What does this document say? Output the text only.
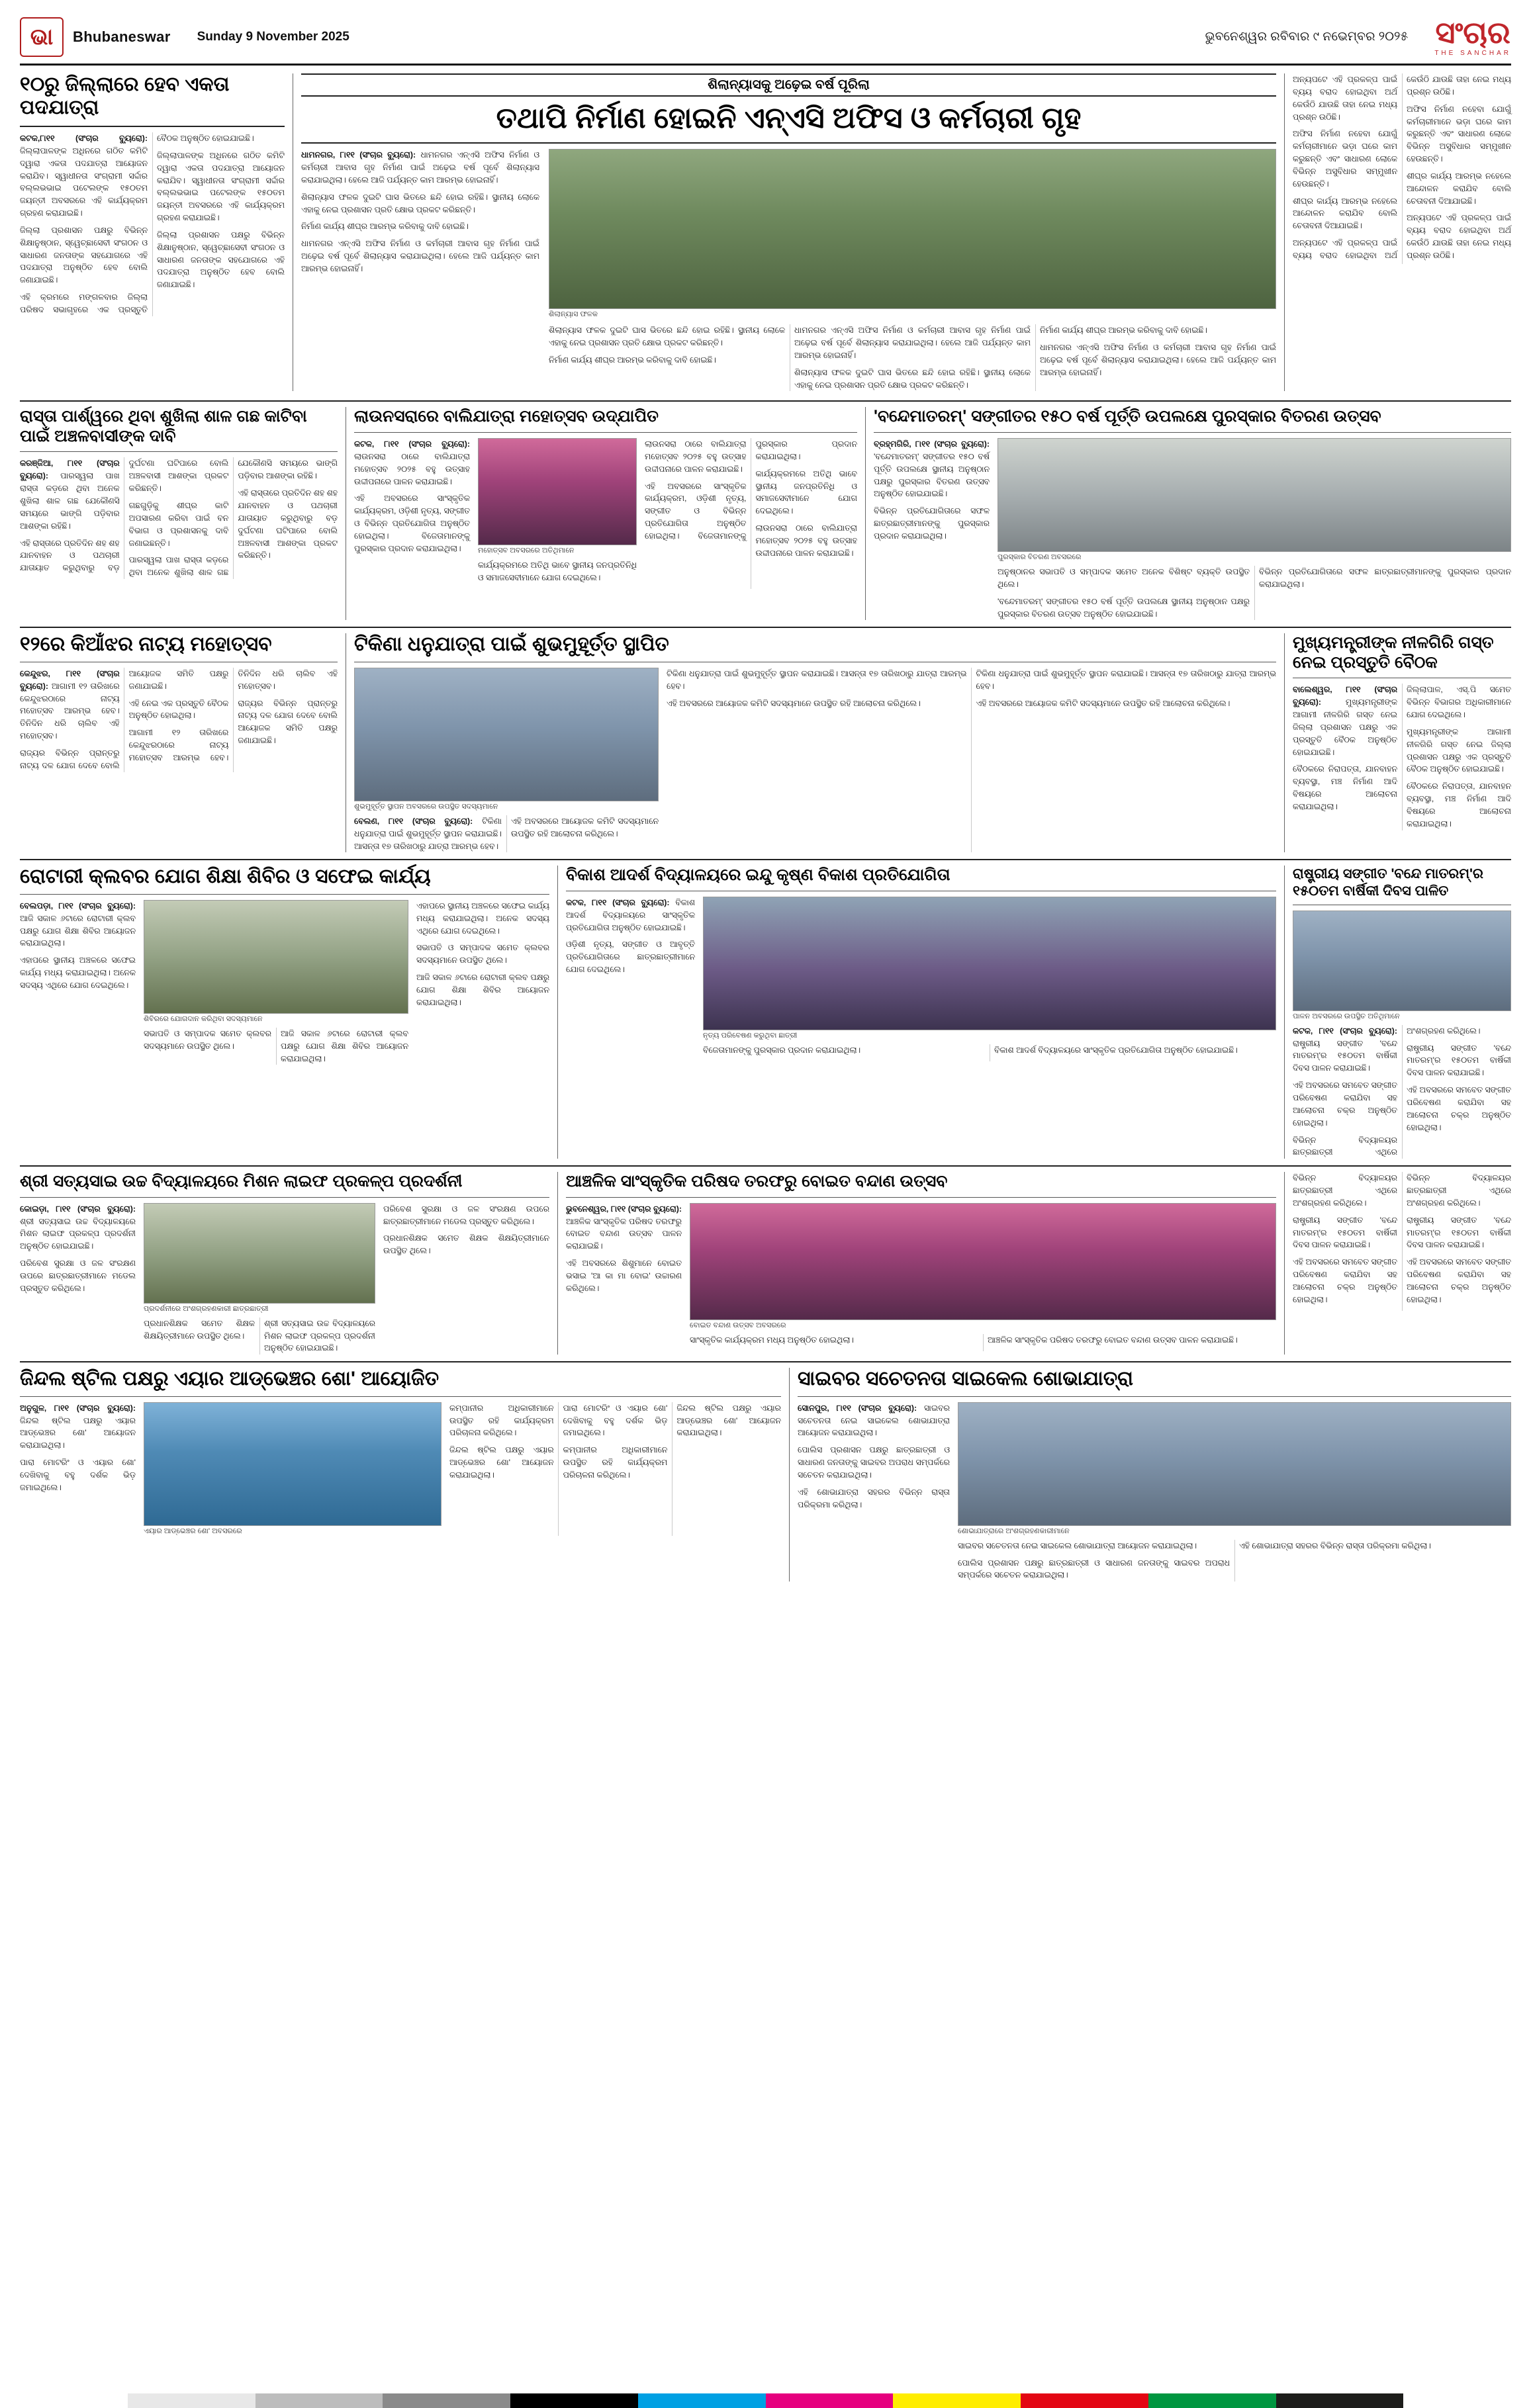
ଭା	Bhubaneswar Sunday 9 November 2025	ଭୁବନେଶ୍ୱର ରବିବାର ୯ ନଭେମ୍ବର ୨୦୨୫ ସଂଚାର
THE SANCHAR
୧୦ରୁ ଜିଲ୍ଲାରେ ହେବ ଏକତା ପଦଯାତ୍ରା

କଟକ,୮ା୧୧ (ସଂଚାର ବ୍ୟୁରୋ): ଜିଲ୍ଲାପାଳଙ୍କ ଅଧିନରେ ଗଠିତ କମିଟି ଦ୍ୱାରା ଏକତା ପଦଯାତ୍ରା ଆୟୋଜନ କରାଯିବ। ସ୍ୱାଧୀନତା ସଂଗ୍ରାମୀ ସର୍ଦ୍ଦାର ବଲ୍ଲଭଭାଇ ପଟେଲଙ୍କ ୧୫୦ତମ ଜୟନ୍ତୀ ଅବସରରେ ଏହି କାର୍ଯ୍ୟକ୍ରମ ଗ୍ରହଣ କରାଯାଇଛି।

ଜିଲ୍ଲା ପ୍ରଶାସନ ପକ୍ଷରୁ ବିଭିନ୍ନ ଶିକ୍ଷାନୁଷ୍ଠାନ, ସ୍ୱେଚ୍ଛାସେବୀ ସଂଗଠନ ଓ ସାଧାରଣ ଜନତାଙ୍କ ସହଯୋଗରେ ଏହି ପଦଯାତ୍ରା ଅନୁଷ୍ଠିତ ହେବ ବୋଲି ଜଣାଯାଇଛି।

ଏହି କ୍ରମରେ ମଙ୍ଗଳବାର ଜିଲ୍ଲା ପରିଷଦ ସଭାଗୃହରେ ଏକ ପ୍ରସ୍ତୁତି ବୈଠକ ଅନୁଷ୍ଠିତ ହୋଇଯାଇଛି।

ଜିଲ୍ଲାପାଳଙ୍କ ଅଧିନରେ ଗଠିତ କମିଟି ଦ୍ୱାରା ଏକତା ପଦଯାତ୍ରା ଆୟୋଜନ କରାଯିବ। ସ୍ୱାଧୀନତା ସଂଗ୍ରାମୀ ସର୍ଦ୍ଦାର ବଲ୍ଲଭଭାଇ ପଟେଲଙ୍କ ୧୫୦ତମ ଜୟନ୍ତୀ ଅବସରରେ ଏହି କାର୍ଯ୍ୟକ୍ରମ ଗ୍ରହଣ କରାଯାଇଛି।

ଜିଲ୍ଲା ପ୍ରଶାସନ ପକ୍ଷରୁ ବିଭିନ୍ନ ଶିକ୍ଷାନୁଷ୍ଠାନ, ସ୍ୱେଚ୍ଛାସେବୀ ସଂଗଠନ ଓ ସାଧାରଣ ଜନତାଙ୍କ ସହଯୋଗରେ ଏହି ପଦଯାତ୍ରା ଅନୁଷ୍ଠିତ ହେବ ବୋଲି ଜଣାଯାଇଛି।

ଶିଲାନ୍ୟାସକୁ ଅଢ଼େଇ ବର୍ଷ ପୂରିଲା
ତଥାପି ନିର୍ମାଣ ହୋଇନି ଏନ୍‌ଏସି ଅଫିସ ଓ କର୍ମଚାରୀ ଗୃହ

ଧାମନଗର, ୮ା୧୧ (ସଂଚାର ବ୍ୟୁରୋ): ଧାମନଗର ଏନ୍‌ଏସି ଅଫିସ ନିର୍ମାଣ ଓ କର୍ମଚାରୀ ଆବାସ ଗୃହ ନିର୍ମାଣ ପାଇଁ ଅଢ଼େଇ ବର୍ଷ ପୂର୍ବେ ଶିଲାନ୍ୟାସ କରାଯାଇଥିଲା। ହେଲେ ଆଜି ପର୍ଯ୍ୟନ୍ତ କାମ ଆରମ୍ଭ ହୋଇନାହିଁ।

ଶିଲାନ୍ୟାସ ଫଳକ ଦୁଇଟି ଘାସ ଭିତରେ ଛନ୍ଦି ହୋଇ ରହିଛି। ସ୍ଥାନୀୟ ଲୋକେ ଏହାକୁ ନେଇ ପ୍ରଶାସନ ପ୍ରତି କ୍ଷୋଭ ପ୍ରକଟ କରିଛନ୍ତି।

ନିର୍ମାଣ କାର୍ଯ୍ୟ ଶୀଘ୍ର ଆରମ୍ଭ କରିବାକୁ ଦାବି ହୋଇଛି।

ଧାମନଗର ଏନ୍‌ଏସି ଅଫିସ ନିର୍ମାଣ ଓ କର୍ମଚାରୀ ଆବାସ ଗୃହ ନିର୍ମାଣ ପାଇଁ ଅଢ଼େଇ ବର୍ଷ ପୂର୍ବେ ଶିଲାନ୍ୟାସ କରାଯାଇଥିଲା। ହେଲେ ଆଜି ପର୍ଯ୍ୟନ୍ତ କାମ ଆରମ୍ଭ ହୋଇନାହିଁ।

ଶିଲାନ୍ୟାସ ଫଳକ

ଶିଲାନ୍ୟାସ ଫଳକ ଦୁଇଟି ଘାସ ଭିତରେ ଛନ୍ଦି ହୋଇ ରହିଛି। ସ୍ଥାନୀୟ ଲୋକେ ଏହାକୁ ନେଇ ପ୍ରଶାସନ ପ୍ରତି କ୍ଷୋଭ ପ୍ରକଟ କରିଛନ୍ତି।

ନିର୍ମାଣ କାର୍ଯ୍ୟ ଶୀଘ୍ର ଆରମ୍ଭ କରିବାକୁ ଦାବି ହୋଇଛି।

ଧାମନଗର ଏନ୍‌ଏସି ଅଫିସ ନିର୍ମାଣ ଓ କର୍ମଚାରୀ ଆବାସ ଗୃହ ନିର୍ମାଣ ପାଇଁ ଅଢ଼େଇ ବର୍ଷ ପୂର୍ବେ ଶିଲାନ୍ୟାସ କରାଯାଇଥିଲା। ହେଲେ ଆଜି ପର୍ଯ୍ୟନ୍ତ କାମ ଆରମ୍ଭ ହୋଇନାହିଁ।

ଶିଲାନ୍ୟାସ ଫଳକ ଦୁଇଟି ଘାସ ଭିତରେ ଛନ୍ଦି ହୋଇ ରହିଛି। ସ୍ଥାନୀୟ ଲୋକେ ଏହାକୁ ନେଇ ପ୍ରଶାସନ ପ୍ରତି କ୍ଷୋଭ ପ୍ରକଟ କରିଛନ୍ତି।

ନିର୍ମାଣ କାର୍ଯ୍ୟ ଶୀଘ୍ର ଆରମ୍ଭ କରିବାକୁ ଦାବି ହୋଇଛି।

ଧାମନଗର ଏନ୍‌ଏସି ଅଫିସ ନିର୍ମାଣ ଓ କର୍ମଚାରୀ ଆବାସ ଗୃହ ନିର୍ମାଣ ପାଇଁ ଅଢ଼େଇ ବର୍ଷ ପୂର୍ବେ ଶିଲାନ୍ୟାସ କରାଯାଇଥିଲା। ହେଲେ ଆଜି ପର୍ଯ୍ୟନ୍ତ କାମ ଆରମ୍ଭ ହୋଇନାହିଁ।

ଅନ୍ୟପଟେ ଏହି ପ୍ରକଳ୍ପ ପାଇଁ ବ୍ୟୟ ବରାଦ ହୋଇଥିବା ଅର୍ଥ କେଉଁଠି ଯାଉଛି ତାହା ନେଇ ମଧ୍ୟ ପ୍ରଶ୍ନ ଉଠିଛି।

ଅଫିସ ନିର୍ମାଣ ନହେବା ଯୋଗୁଁ କର୍ମଚାରୀମାନେ ଭଡ଼ା ଘରେ କାମ କରୁଛନ୍ତି ଏବଂ ସାଧାରଣ ଲୋକେ ବିଭିନ୍ନ ଅସୁବିଧାର ସମ୍ମୁଖୀନ ହେଉଛନ୍ତି।

ଶୀଘ୍ର କାର୍ଯ୍ୟ ଆରମ୍ଭ ନହେଲେ ଆନ୍ଦୋଳନ କରାଯିବ ବୋଲି ଚେତାବନୀ ଦିଆଯାଇଛି।

ଅନ୍ୟପଟେ ଏହି ପ୍ରକଳ୍ପ ପାଇଁ ବ୍ୟୟ ବରାଦ ହୋଇଥିବା ଅର୍ଥ କେଉଁଠି ଯାଉଛି ତାହା ନେଇ ମଧ୍ୟ ପ୍ରଶ୍ନ ଉଠିଛି।

ଅଫିସ ନିର୍ମାଣ ନହେବା ଯୋଗୁଁ କର୍ମଚାରୀମାନେ ଭଡ଼ା ଘରେ କାମ କରୁଛନ୍ତି ଏବଂ ସାଧାରଣ ଲୋକେ ବିଭିନ୍ନ ଅସୁବିଧାର ସମ୍ମୁଖୀନ ହେଉଛନ୍ତି।

ଶୀଘ୍ର କାର୍ଯ୍ୟ ଆରମ୍ଭ ନହେଲେ ଆନ୍ଦୋଳନ କରାଯିବ ବୋଲି ଚେତାବନୀ ଦିଆଯାଇଛି।

ଅନ୍ୟପଟେ ଏହି ପ୍ରକଳ୍ପ ପାଇଁ ବ୍ୟୟ ବରାଦ ହୋଇଥିବା ଅର୍ଥ କେଉଁଠି ଯାଉଛି ତାହା ନେଇ ମଧ୍ୟ ପ୍ରଶ୍ନ ଉଠିଛି।

ରାସ୍ତା ପାର୍ଶ୍ୱରେ ଥିବା ଶୁଖିଲା ଶାଳ ଗଛ କାଟିବା ପାଇଁ ଅଞ୍ଚଳବାସୀଙ୍କ ଦାବି

କରଞ୍ଜିଆ, ୮ା୧୧ (ସଂଚାର ବ୍ୟୁରୋ): ପାରସ୍ୱଲା ପାଖ ରାସ୍ତା କଡ଼ରେ ଥିବା ଅନେକ ଶୁଖିଲା ଶାଳ ଗଛ ଯେକୌଣସି ସମୟରେ ଭାଙ୍ଗି ପଡ଼ିବାର ଆଶଙ୍କା ରହିଛି।

ଏହି ରାସ୍ତାରେ ପ୍ରତିଦିନ ଶହ ଶହ ଯାନବାହନ ଓ ପଥଚାରୀ ଯାତାୟାତ କରୁଥିବାରୁ ବଡ଼ ଦୁର୍ଘଟଣା ଘଟିପାରେ ବୋଲି ଅଞ୍ଚଳବାସୀ ଆଶଙ୍କା ପ୍ରକଟ କରିଛନ୍ତି।

ଗଛଗୁଡ଼ିକୁ ଶୀଘ୍ର କାଟି ଅପସାରଣ କରିବା ପାଇଁ ବନ ବିଭାଗ ଓ ପ୍ରଶାସନକୁ ଦାବି ଜଣାଇଛନ୍ତି।

ପାରସ୍ୱଲା ପାଖ ରାସ୍ତା କଡ଼ରେ ଥିବା ଅନେକ ଶୁଖିଲା ଶାଳ ଗଛ ଯେକୌଣସି ସମୟରେ ଭାଙ୍ଗି ପଡ଼ିବାର ଆଶଙ୍କା ରହିଛି।

ଏହି ରାସ୍ତାରେ ପ୍ରତିଦିନ ଶହ ଶହ ଯାନବାହନ ଓ ପଥଚାରୀ ଯାତାୟାତ କରୁଥିବାରୁ ବଡ଼ ଦୁର୍ଘଟଣା ଘଟିପାରେ ବୋଲି ଅଞ୍ଚଳବାସୀ ଆଶଙ୍କା ପ୍ରକଟ କରିଛନ୍ତି।

ଲାଉନସରାରେ ବାଲିଯାତ୍ରା ମହୋତ୍ସବ ଉଦ୍‌ଯାପିତ

କଟକ, ୮ା୧୧ (ସଂଚାର ବ୍ୟୁରୋ): ଲାଉନସରା ଠାରେ ବାଲିଯାତ୍ରା ମହୋତ୍ସବ ୨୦୨୫ ବହୁ ଉତ୍ସାହ ଉଦ୍ଦୀପନାରେ ପାଳନ କରାଯାଇଛି।

ଏହି ଅବସରରେ ସାଂସ୍କୃତିକ କାର୍ଯ୍ୟକ୍ରମ, ଓଡ଼ିଶୀ ନୃତ୍ୟ, ସଙ୍ଗୀତ ଓ ବିଭିନ୍ନ ପ୍ରତିଯୋଗିତା ଅନୁଷ୍ଠିତ ହୋଇଥିଲା। ବିଜେତାମାନଙ୍କୁ ପୁରସ୍କାର ପ୍ରଦାନ କରାଯାଇଥିଲା।	ମହୋତ୍ସବ ଅବସରରେ ଅତିଥିମାନେ

କାର୍ଯ୍ୟକ୍ରମରେ ଅତିଥି ଭାବେ ସ୍ଥାନୀୟ ଜନପ୍ରତିନିଧି ଓ ସମାଜସେବୀମାନେ ଯୋଗ ଦେଇଥିଲେ।

ଲାଉନସରା ଠାରେ ବାଲିଯାତ୍ରା ମହୋତ୍ସବ ୨୦୨୫ ବହୁ ଉତ୍ସାହ ଉଦ୍ଦୀପନାରେ ପାଳନ କରାଯାଇଛି।

ଏହି ଅବସରରେ ସାଂସ୍କୃତିକ କାର୍ଯ୍ୟକ୍ରମ, ଓଡ଼ିଶୀ ନୃତ୍ୟ, ସଙ୍ଗୀତ ଓ ବିଭିନ୍ନ ପ୍ରତିଯୋଗିତା ଅନୁଷ୍ଠିତ ହୋଇଥିଲା। ବିଜେତାମାନଙ୍କୁ ପୁରସ୍କାର ପ୍ରଦାନ କରାଯାଇଥିଲା।

କାର୍ଯ୍ୟକ୍ରମରେ ଅତିଥି ଭାବେ ସ୍ଥାନୀୟ ଜନପ୍ରତିନିଧି ଓ ସମାଜସେବୀମାନେ ଯୋଗ ଦେଇଥିଲେ।

ଲାଉନସରା ଠାରେ ବାଲିଯାତ୍ରା ମହୋତ୍ସବ ୨୦୨୫ ବହୁ ଉତ୍ସାହ ଉଦ୍ଦୀପନାରେ ପାଳନ କରାଯାଇଛି।

'ବନ୍ଦେମାତରମ୍' ସଙ୍ଗୀତର ୧୫୦ ବର୍ଷ ପୂର୍ତ୍ତି ଉପଲକ୍ଷେ ପୁରସ୍କାର ବିତରଣ ଉତ୍ସବ

ବ୍ରହ୍ମଗିରି, ୮ା୧୧ (ସଂଚାର ବ୍ୟୁରୋ): 'ବନ୍ଦେମାତରମ୍' ସଙ୍ଗୀତର ୧୫୦ ବର୍ଷ ପୂର୍ତ୍ତି ଉପଲକ୍ଷେ ସ୍ଥାନୀୟ ଅନୁଷ୍ଠାନ ପକ୍ଷରୁ ପୁରସ୍କାର ବିତରଣ ଉତ୍ସବ ଅନୁଷ୍ଠିତ ହୋଇଯାଇଛି।

ବିଭିନ୍ନ ପ୍ରତିଯୋଗିତାରେ ସଫଳ ଛାତ୍ରଛାତ୍ରୀମାନଙ୍କୁ ପୁରସ୍କାର ପ୍ରଦାନ କରାଯାଇଥିଲା।

ପୁରସ୍କାର ବିତରଣ ଅବସରରେ

ଅନୁଷ୍ଠାନର ସଭାପତି ଓ ସମ୍ପାଦକ ସମେତ ଅନେକ ବିଶିଷ୍ଟ ବ୍ୟକ୍ତି ଉପସ୍ଥିତ ଥିଲେ।

'ବନ୍ଦେମାତରମ୍' ସଙ୍ଗୀତର ୧୫୦ ବର୍ଷ ପୂର୍ତ୍ତି ଉପଲକ୍ଷେ ସ୍ଥାନୀୟ ଅନୁଷ୍ଠାନ ପକ୍ଷରୁ ପୁରସ୍କାର ବିତରଣ ଉତ୍ସବ ଅନୁଷ୍ଠିତ ହୋଇଯାଇଛି।

ବିଭିନ୍ନ ପ୍ରତିଯୋଗିତାରେ ସଫଳ ଛାତ୍ରଛାତ୍ରୀମାନଙ୍କୁ ପୁରସ୍କାର ପ୍ରଦାନ କରାଯାଇଥିଲା।

୧୨ରେ କିଆଁଝର ନାଟ୍ୟ ମହୋତ୍ସବ

କେନ୍ଦୁଝର, ୮ା୧୧ (ସଂଚାର ବ୍ୟୁରୋ): ଆଗାମୀ ୧୨ ତାରିଖରେ କେନ୍ଦୁଝରଠାରେ ନାଟ୍ୟ ମହୋତ୍ସବ ଆରମ୍ଭ ହେବ। ତିନିଦିନ ଧରି ଚାଲିବ ଏହି ମହୋତ୍ସବ।

ରାଜ୍ୟର ବିଭିନ୍ନ ପ୍ରାନ୍ତରୁ ନାଟ୍ୟ ଦଳ ଯୋଗ ଦେବେ ବୋଲି ଆୟୋଜକ ସମିତି ପକ୍ଷରୁ ଜଣାଯାଇଛି।

ଏହି ନେଇ ଏକ ପ୍ରସ୍ତୁତି ବୈଠକ ଅନୁଷ୍ଠିତ ହୋଇଥିଲା।

ଆଗାମୀ ୧୨ ତାରିଖରେ କେନ୍ଦୁଝରଠାରେ ନାଟ୍ୟ ମହୋତ୍ସବ ଆରମ୍ଭ ହେବ। ତିନିଦିନ ଧରି ଚାଲିବ ଏହି ମହୋତ୍ସବ।

ରାଜ୍ୟର ବିଭିନ୍ନ ପ୍ରାନ୍ତରୁ ନାଟ୍ୟ ଦଳ ଯୋଗ ଦେବେ ବୋଲି ଆୟୋଜକ ସମିତି ପକ୍ଷରୁ ଜଣାଯାଇଛି।

ଟିକିଣା ଧନୁଯାତ୍ରା ପାଇଁ ଶୁଭମୁହୂର୍ତ୍ତ ସ୍ଥାପିତ
ଶୁଭମୁହୂର୍ତ୍ତ ସ୍ଥାପନ ଅବସରରେ ଉପସ୍ଥିତ ସଦସ୍ୟମାନେ

ବେଲଣ, ୮ା୧୧ (ସଂଚାର ବ୍ୟୁରୋ): ଟିକିଣା ଧନୁଯାତ୍ରା ପାଇଁ ଶୁଭମୁହୂର୍ତ୍ତ ସ୍ଥାପନ କରାଯାଇଛି। ଆସନ୍ତା ୧୭ ତାରିଖଠାରୁ ଯାତ୍ରା ଆରମ୍ଭ ହେବ।

ଏହି ଅବସରରେ ଆୟୋଜକ କମିଟି ସଦସ୍ୟମାନେ ଉପସ୍ଥିତ ରହି ଆଲୋଚନା କରିଥିଲେ।

ଟିକିଣା ଧନୁଯାତ୍ରା ପାଇଁ ଶୁଭମୁହୂର୍ତ୍ତ ସ୍ଥାପନ କରାଯାଇଛି। ଆସନ୍ତା ୧୭ ତାରିଖଠାରୁ ଯାତ୍ରା ଆରମ୍ଭ ହେବ।

ଏହି ଅବସରରେ ଆୟୋଜକ କମିଟି ସଦସ୍ୟମାନେ ଉପସ୍ଥିତ ରହି ଆଲୋଚନା କରିଥିଲେ।

ଟିକିଣା ଧନୁଯାତ୍ରା ପାଇଁ ଶୁଭମୁହୂର୍ତ୍ତ ସ୍ଥାପନ କରାଯାଇଛି। ଆସନ୍ତା ୧୭ ତାରିଖଠାରୁ ଯାତ୍ରା ଆରମ୍ଭ ହେବ।

ଏହି ଅବସରରେ ଆୟୋଜକ କମିଟି ସଦସ୍ୟମାନେ ଉପସ୍ଥିତ ରହି ଆଲୋଚନା କରିଥିଲେ।

ମୁଖ୍ୟମନ୍ତ୍ରୀଙ୍କ ନୀଳଗିରି ଗସ୍ତ ନେଇ ପ୍ରସ୍ତୁତି ବୈଠକ

ବାଲେଶ୍ୱର, ୮ା୧୧ (ସଂଚାର ବ୍ୟୁରୋ):	ମୁଖ୍ୟମନ୍ତ୍ରୀଙ୍କ ଆଗାମୀ ନୀଳଗିରି ଗସ୍ତ ନେଇ ଜିଲ୍ଲା ପ୍ରଶାସନ ପକ୍ଷରୁ ଏକ ପ୍ରସ୍ତୁତି ବୈଠକ ଅନୁଷ୍ଠିତ ହୋଇଯାଇଛି।

ବୈଠକରେ ନିରାପତ୍ତା, ଯାନବାହନ ବ୍ୟବସ୍ଥା, ମଞ୍ଚ ନିର୍ମାଣ ଆଦି ବିଷୟରେ ଆଲୋଚନା କରାଯାଇଥିଲା।

ଜିଲ୍ଲାପାଳ, ଏସ୍‌.ପି ସମେତ ବିଭିନ୍ନ ବିଭାଗର ଅଧିକାରୀମାନେ ଯୋଗ ଦେଇଥିଲେ।

ମୁଖ୍ୟମନ୍ତ୍ରୀଙ୍କ ଆଗାମୀ ନୀଳଗିରି ଗସ୍ତ ନେଇ ଜିଲ୍ଲା ପ୍ରଶାସନ ପକ୍ଷରୁ ଏକ ପ୍ରସ୍ତୁତି ବୈଠକ ଅନୁଷ୍ଠିତ ହୋଇଯାଇଛି।

ବୈଠକରେ ନିରାପତ୍ତା, ଯାନବାହନ ବ୍ୟବସ୍ଥା, ମଞ୍ଚ ନିର୍ମାଣ ଆଦି ବିଷୟରେ ଆଲୋଚନା କରାଯାଇଥିଲା।

ରୋଟାରୀ କ୍ଲବର ଯୋଗ ଶିକ୍ଷା ଶିବିର ଓ ସଫେଇ କାର୍ଯ୍ୟ

ବେଲପଡ଼ା, ୮ା୧୧ (ସଂଚାର ବ୍ୟୁରୋ): ଆଜି ସକାଳ ୬ଟାରେ ରୋଟାରୀ କ୍ଲବ ପକ୍ଷରୁ ଯୋଗ ଶିକ୍ଷା ଶିବିର ଆୟୋଜନ କରାଯାଇଥିଲା।

ଏହାପରେ ସ୍ଥାନୀୟ ଅଞ୍ଚଳରେ ସଫେଇ କାର୍ଯ୍ୟ ମଧ୍ୟ କରାଯାଇଥିଲା। ଅନେକ ସଦସ୍ୟ ଏଥିରେ ଯୋଗ ଦେଇଥିଲେ।

ଶିବିରରେ ଯୋଗଦାନ କରିଥିବା ସଦସ୍ୟମାନେ

ସଭାପତି ଓ ସମ୍ପାଦକ ସମେତ କ୍ଲବର ସଦସ୍ୟମାନେ ଉପସ୍ଥିତ ଥିଲେ।

ଆଜି ସକାଳ ୬ଟାରେ ରୋଟାରୀ କ୍ଲବ ପକ୍ଷରୁ ଯୋଗ ଶିକ୍ଷା ଶିବିର ଆୟୋଜନ କରାଯାଇଥିଲା।

ଏହାପରେ ସ୍ଥାନୀୟ ଅଞ୍ଚଳରେ ସଫେଇ କାର୍ଯ୍ୟ ମଧ୍ୟ କରାଯାଇଥିଲା। ଅନେକ ସଦସ୍ୟ ଏଥିରେ ଯୋଗ ଦେଇଥିଲେ।

ସଭାପତି ଓ ସମ୍ପାଦକ ସମେତ କ୍ଲବର ସଦସ୍ୟମାନେ ଉପସ୍ଥିତ ଥିଲେ।

ଆଜି ସକାଳ ୬ଟାରେ ରୋଟାରୀ କ୍ଲବ ପକ୍ଷରୁ ଯୋଗ ଶିକ୍ଷା ଶିବିର ଆୟୋଜନ କରାଯାଇଥିଲା।

ବିକାଶ ଆଦର୍ଶ ବିଦ୍ୟାଳୟରେ ଇନ୍ଦୁ କୃଷ୍ଣ ବିକାଶ ପ୍ରତିଯୋଗିତା

କଟକ, ୮ା୧୧ (ସଂଚାର ବ୍ୟୁରୋ): ବିକାଶ ଆଦର୍ଶ ବିଦ୍ୟାଳୟରେ ସାଂସ୍କୃତିକ ପ୍ରତିଯୋଗିତା ଅନୁଷ୍ଠିତ ହୋଇଯାଇଛି।

ଓଡ଼ିଶୀ ନୃତ୍ୟ, ସଙ୍ଗୀତ ଓ ଆବୃତ୍ତି ପ୍ରତିଯୋଗିତାରେ ଛାତ୍ରଛାତ୍ରୀମାନେ ଯୋଗ ଦେଇଥିଲେ।

ନୃତ୍ୟ ପରିବେଷଣ କରୁଥିବା ଛାତ୍ରୀ

ବିଜେତାମାନଙ୍କୁ ପୁରସ୍କାର ପ୍ରଦାନ କରାଯାଇଥିଲା।	ବିକାଶ ଆଦର୍ଶ ବିଦ୍ୟାଳୟରେ ସାଂସ୍କୃତିକ ପ୍ରତିଯୋଗିତା ଅନୁଷ୍ଠିତ ହୋଇଯାଇଛି।

ରାଷ୍ଟ୍ରୀୟ ସଙ୍ଗୀତ 'ବନ୍ଦେ ମାତରମ୍'ର ୧୫୦ତମ ବାର୍ଷିକୀ ଦିବସ ପାଳିତ
ପାଳନ ଅବସରରେ ଉପସ୍ଥିତ ଅତିଥିମାନେ

କଟକ, ୮ା୧୧ (ସଂଚାର ବ୍ୟୁରୋ): ରାଷ୍ଟ୍ରୀୟ ସଙ୍ଗୀତ 'ବନ୍ଦେ ମାତରମ୍'ର ୧୫୦ତମ ବାର୍ଷିକୀ ଦିବସ ପାଳନ କରାଯାଇଛି।

ଏହି ଅବସରରେ ସମବେତ ସଙ୍ଗୀତ ପରିବେଷଣ କରାଯିବା ସହ ଆଲୋଚନା ଚକ୍ର ଅନୁଷ୍ଠିତ ହୋଇଥିଲା।

ବିଭିନ୍ନ ବିଦ୍ୟାଳୟର ଛାତ୍ରଛାତ୍ରୀ ଏଥିରେ ଅଂଶଗ୍ରହଣ କରିଥିଲେ।

ରାଷ୍ଟ୍ରୀୟ ସଙ୍ଗୀତ 'ବନ୍ଦେ ମାତରମ୍'ର ୧୫୦ତମ ବାର୍ଷିକୀ ଦିବସ ପାଳନ କରାଯାଇଛି।

ଏହି ଅବସରରେ ସମବେତ ସଙ୍ଗୀତ ପରିବେଷଣ କରାଯିବା ସହ ଆଲୋଚନା ଚକ୍ର ଅନୁଷ୍ଠିତ ହୋଇଥିଲା।

ଶ୍ରୀ ସତ୍ୟସାଇ ଉଚ୍ଚ ବିଦ୍ୟାଳୟରେ ମିଶନ ଲାଇଫ ପ୍ରକଳ୍ପ ପ୍ରଦର୍ଶନୀ

କୋଇଡ଼ା, ୮ା୧୧ (ସଂଚାର ବ୍ୟୁରୋ): ଶ୍ରୀ ସତ୍ୟସାଇ ଉଚ୍ଚ ବିଦ୍ୟାଳୟରେ ମିଶନ ଲାଇଫ ପ୍ରକଳ୍ପ ପ୍ରଦର୍ଶନୀ ଅନୁଷ୍ଠିତ ହୋଇଯାଇଛି।

ପରିବେଶ ସୁରକ୍ଷା ଓ ଜଳ ସଂରକ୍ଷଣ ଉପରେ ଛାତ୍ରଛାତ୍ରୀମାନେ ମଡେଲ ପ୍ରସ୍ତୁତ କରିଥିଲେ।

ପ୍ରଦର୍ଶନୀରେ ଅଂଶଗ୍ରହଣକାରୀ ଛାତ୍ରଛାତ୍ରୀ

ପ୍ରଧାନଶିକ୍ଷକ ସମେତ ଶିକ୍ଷକ ଶିକ୍ଷୟିତ୍ରୀମାନେ ଉପସ୍ଥିତ ଥିଲେ।

ଶ୍ରୀ ସତ୍ୟସାଇ ଉଚ୍ଚ ବିଦ୍ୟାଳୟରେ ମିଶନ ଲାଇଫ ପ୍ରକଳ୍ପ ପ୍ରଦର୍ଶନୀ ଅନୁଷ୍ଠିତ ହୋଇଯାଇଛି।

ପରିବେଶ ସୁରକ୍ଷା ଓ ଜଳ ସଂରକ୍ଷଣ ଉପରେ ଛାତ୍ରଛାତ୍ରୀମାନେ ମଡେଲ ପ୍ରସ୍ତୁତ କରିଥିଲେ।

ପ୍ରଧାନଶିକ୍ଷକ ସମେତ ଶିକ୍ଷକ ଶିକ୍ଷୟିତ୍ରୀମାନେ ଉପସ୍ଥିତ ଥିଲେ।

ଆଞ୍ଚଳିକ ସାଂସ୍କୃତିକ ପରିଷଦ ତରଫରୁ ବୋଇତ ବନ୍ଦାଣ ଉତ୍ସବ

ଭୁବନେଶ୍ୱର, ୮ା୧୧ (ସଂଚାର ବ୍ୟୁରୋ): ଆଞ୍ଚଳିକ ସାଂସ୍କୃତିକ ପରିଷଦ ତରଫରୁ ବୋଇତ ବନ୍ଦାଣ ଉତ୍ସବ ପାଳନ କରାଯାଇଛି।

ଏହି ଅବସରରେ ଶିଶୁମାନେ ବୋଇତ ଭସାଇ 'ଆ କା ମା ବୋଇ' ଉଚ୍ଚାରଣ କରିଥିଲେ।

ବୋଇତ ବନ୍ଦାଣ ଉତ୍ସବ ଅବସରରେ

ସାଂସ୍କୃତିକ କାର୍ଯ୍ୟକ୍ରମ ମଧ୍ୟ ଅନୁଷ୍ଠିତ ହୋଇଥିଲା।	ଆଞ୍ଚଳିକ ସାଂସ୍କୃତିକ ପରିଷଦ ତରଫରୁ ବୋଇତ ବନ୍ଦାଣ ଉତ୍ସବ ପାଳନ କରାଯାଇଛି।

ବିଭିନ୍ନ ବିଦ୍ୟାଳୟର ଛାତ୍ରଛାତ୍ରୀ ଏଥିରେ ଅଂଶଗ୍ରହଣ କରିଥିଲେ।

ରାଷ୍ଟ୍ରୀୟ ସଙ୍ଗୀତ 'ବନ୍ଦେ ମାତରମ୍'ର ୧୫୦ତମ ବାର୍ଷିକୀ ଦିବସ ପାଳନ କରାଯାଇଛି।

ଏହି ଅବସରରେ ସମବେତ ସଙ୍ଗୀତ ପରିବେଷଣ କରାଯିବା ସହ ଆଲୋଚନା ଚକ୍ର ଅନୁଷ୍ଠିତ ହୋଇଥିଲା।

ବିଭିନ୍ନ ବିଦ୍ୟାଳୟର ଛାତ୍ରଛାତ୍ରୀ ଏଥିରେ ଅଂଶଗ୍ରହଣ କରିଥିଲେ।

ରାଷ୍ଟ୍ରୀୟ ସଙ୍ଗୀତ 'ବନ୍ଦେ ମାତରମ୍'ର ୧୫୦ତମ ବାର୍ଷିକୀ ଦିବସ ପାଳନ କରାଯାଇଛି।

ଏହି ଅବସରରେ ସମବେତ ସଙ୍ଗୀତ ପରିବେଷଣ କରାଯିବା ସହ ଆଲୋଚନା ଚକ୍ର ଅନୁଷ୍ଠିତ ହୋଇଥିଲା।

ଜିନ୍ଦଲ ଷ୍ଟିଲ ପକ୍ଷରୁ ଏୟାର ଆଡ୍‌ଭେଞ୍ଚର ଶୋ' ଆୟୋଜିତ

ଅନୁଗୁଳ, ୮ା୧୧ (ସଂଚାର ବ୍ୟୁରୋ): ଜିନ୍ଦଲ ଷ୍ଟିଲ ପକ୍ଷରୁ ଏୟାର ଆଡ୍‌ଭେଞ୍ଚର ଶୋ' ଆୟୋଜନ କରାଯାଇଥିଲା।

ପାରା ମୋଟରିଂ ଓ ଏୟାର ଶୋ' ଦେଖିବାକୁ ବହୁ ଦର୍ଶକ ଭିଡ଼ ଜମାଇଥିଲେ।

ଏୟାର ଆଡ୍‌ଭେଞ୍ଚର ଶୋ' ଅବସରରେ

କମ୍ପାନୀର ଅଧିକାରୀମାନେ ଉପସ୍ଥିତ ରହି କାର୍ଯ୍ୟକ୍ରମ ପରିଚାଳନା କରିଥିଲେ।

ଜିନ୍ଦଲ ଷ୍ଟିଲ ପକ୍ଷରୁ ଏୟାର ଆଡ୍‌ଭେଞ୍ଚର ଶୋ' ଆୟୋଜନ କରାଯାଇଥିଲା।

ପାରା ମୋଟରିଂ ଓ ଏୟାର ଶୋ' ଦେଖିବାକୁ ବହୁ ଦର୍ଶକ ଭିଡ଼ ଜମାଇଥିଲେ।

କମ୍ପାନୀର ଅଧିକାରୀମାନେ ଉପସ୍ଥିତ ରହି କାର୍ଯ୍ୟକ୍ରମ ପରିଚାଳନା କରିଥିଲେ।

ଜିନ୍ଦଲ ଷ୍ଟିଲ ପକ୍ଷରୁ ଏୟାର ଆଡ୍‌ଭେଞ୍ଚର ଶୋ' ଆୟୋଜନ କରାଯାଇଥିଲା।

ସାଇବର ସଚେତନତା ସାଇକେଲ ଶୋଭାଯାତ୍ରା

ସୋନପୁର, ୮ା୧୧ (ସଂଚାର ବ୍ୟୁରୋ): ସାଇବର ସଚେତନତା ନେଇ ସାଇକେଲ ଶୋଭାଯାତ୍ରା ଆୟୋଜନ କରାଯାଇଥିଲା।

ପୋଲିସ ପ୍ରଶାସନ ପକ୍ଷରୁ ଛାତ୍ରଛାତ୍ରୀ ଓ ସାଧାରଣ ଜନତାଙ୍କୁ ସାଇବର ଅପରାଧ ସମ୍ପର୍କରେ ସଚେତନ କରାଯାଇଥିଲା।

ଏହି ଶୋଭାଯାତ୍ରା ସହରର ବିଭିନ୍ନ ରାସ୍ତା ପରିକ୍ରମା କରିଥିଲା।

ଶୋଭାଯାତ୍ରାରେ ଅଂଶଗ୍ରହଣକାରୀମାନେ

ସାଇବର ସଚେତନତା ନେଇ ସାଇକେଲ ଶୋଭାଯାତ୍ରା ଆୟୋଜନ କରାଯାଇଥିଲା।

ପୋଲିସ ପ୍ରଶାସନ ପକ୍ଷରୁ ଛାତ୍ରଛାତ୍ରୀ ଓ ସାଧାରଣ ଜନତାଙ୍କୁ ସାଇବର ଅପରାଧ ସମ୍ପର୍କରେ ସଚେତନ କରାଯାଇଥିଲା।

ଏହି ଶୋଭାଯାତ୍ରା ସହରର ବିଭିନ୍ନ ରାସ୍ତା ପରିକ୍ରମା କରିଥିଲା।
